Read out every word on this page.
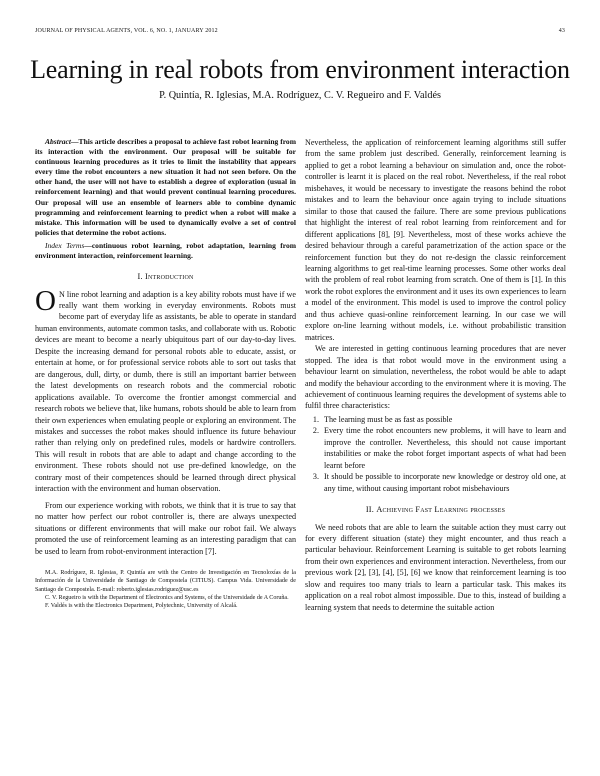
JOURNAL OF PHYSICAL AGENTS, VOL. 6, NO. 1, JANUARY 2012	43
Learning in real robots from environment interaction
P. Quintía, R. Iglesias, M.A. Rodríguez, C. V. Regueiro and F. Valdés

Abstract—This article describes a proposal to achieve fast robot learning from its interaction with the environment. Our proposal will be suitable for continuous learning procedures as it tries to limit the instability that appears every time the robot encounters a new situation it had not seen before. On the other hand, the user will not have to establish a degree of exploration (usual in reinforcement learning) and that would prevent continual learning procedures. Our proposal will use an ensemble of learners able to combine dynamic programming and reinforcement learning to predict when a robot will make a mistake. This information will be used to dynamically evolve a set of control policies that determine the robot actions.

Index Terms—continuous robot learning, robot adaptation, learning from environment interaction, reinforcement learning.

I. Introduction

O N line robot learning and adaption is a key ability robots must have if we really want them working in everyday environments. Robots must become part of everyday life as assistants, be able to operate in standard human environments, automate common tasks, and collaborate with us. Robotic devices are meant to become a nearly ubiquitous part of our day-to-day lives. Despite the increasing demand for personal robots able to educate, assist, or entertain at home, or for professional service robots able to sort out tasks that are dangerous, dull, dirty, or dumb, there is still an important barrier between the latest developments on research robots and the commercial robotic applications available. To overcome the frontier amongst commercial and research robots we believe that, like humans, robots should be able to learn from their own experiences when emulating people or exploring an environment. The mistakes and successes the robot makes should influence its future behaviour rather than relying only on predefined rules, models or hardwire controllers. This will result in robots that are able to adapt and change according to the environment. These robots should not use pre-defined knowledge, on the contrary most of their competences should be learned through direct physical interaction with the environment and human observation.

From our experience working with robots, we think that it is true to say that no matter how perfect our robot controller is, there are always unexpected situations or different environments that will make our robot fail. We always promoted the use of reinforcement learning as an interesting paradigm that can be used to learn from robot-environment interaction [7].

M.A. Rodríguez, R. Iglesias, P. Quintía are with the Centro de Investigación en Tecnoloxías de la Información de la Universidade de Santiago de Compostela (CITIUS). Campus Vida. Universidade de Santiago de Compostela. E-mail: roberto.iglesias.rodriguez@usc.es

C. V. Regueiro is with the Department of Electronics and Systems, of the Universidade de A Coruña.

F. Valdés is with the Electronics Department, Polytechnic, University of Alcalá.

Nevertheless, the application of reinforcement learning algorithms still suffer from the same problem just described. Generally, reinforcement learning is applied to get a robot learning a behaviour on simulation and, once the robot-controller is learnt it is placed on the real robot. Nevertheless, if the real robot misbehaves, it would be necessary to investigate the reasons behind the robot mistakes and to learn the behaviour once again trying to include situations similar to those that caused the failure. There are some previous publications that highlight the interest of real robot learning from reinforcement and for different applications [8], [9]. Nevertheless, most of these works achieve the desired behaviour through a careful parametrization of the action space or the reinforcement function but they do not re-design the classic reinforcement learning algorithms to get real-time learning processes. Some other works deal with the problem of real robot learning from scratch. One of them is [1]. In this work the robot explores the environment and it uses its own experiences to learn a model of the environment. This model is used to improve the control policy and thus achieve quasi-online reinforcement learning. In our case we will explore on-line learning without models, i.e. without probabilistic transition matrices.

We are interested in getting continuous learning procedures that are never stopped. The idea is that robot would move in the environment using a behaviour learnt on simulation, nevertheless, the robot would be able to adapt and modify the behaviour according to the environment where it is moving. The achievement of continuous learning requires the development of systems able to fulfil three characteristics:

1. The learning must be as fast as possible
2. Every time the robot encounters new problems, it will have to learn and improve the controller. Nevertheless, this should not cause important instabilities or make the robot forget important aspects of what had been learnt before
3. It should be possible to incorporate new knowledge or destroy old one, at any time, without causing important robot misbehaviours
II. Achieving Fast Learning processes

We need robots that are able to learn the suitable action they must carry out for every different situation (state) they might encounter, and thus reach a particular behaviour. Reinforcement Learning is suitable to get robots learning from their own experiences and environment interaction. Nevertheless, from our previous work [2], [3], [4], [5], [6] we know that reinforcement learning is too slow and requires too many trials to learn a particular task. This makes its application on a real robot almost impossible. Due to this, instead of building a learning system that needs to determine the suitable action
